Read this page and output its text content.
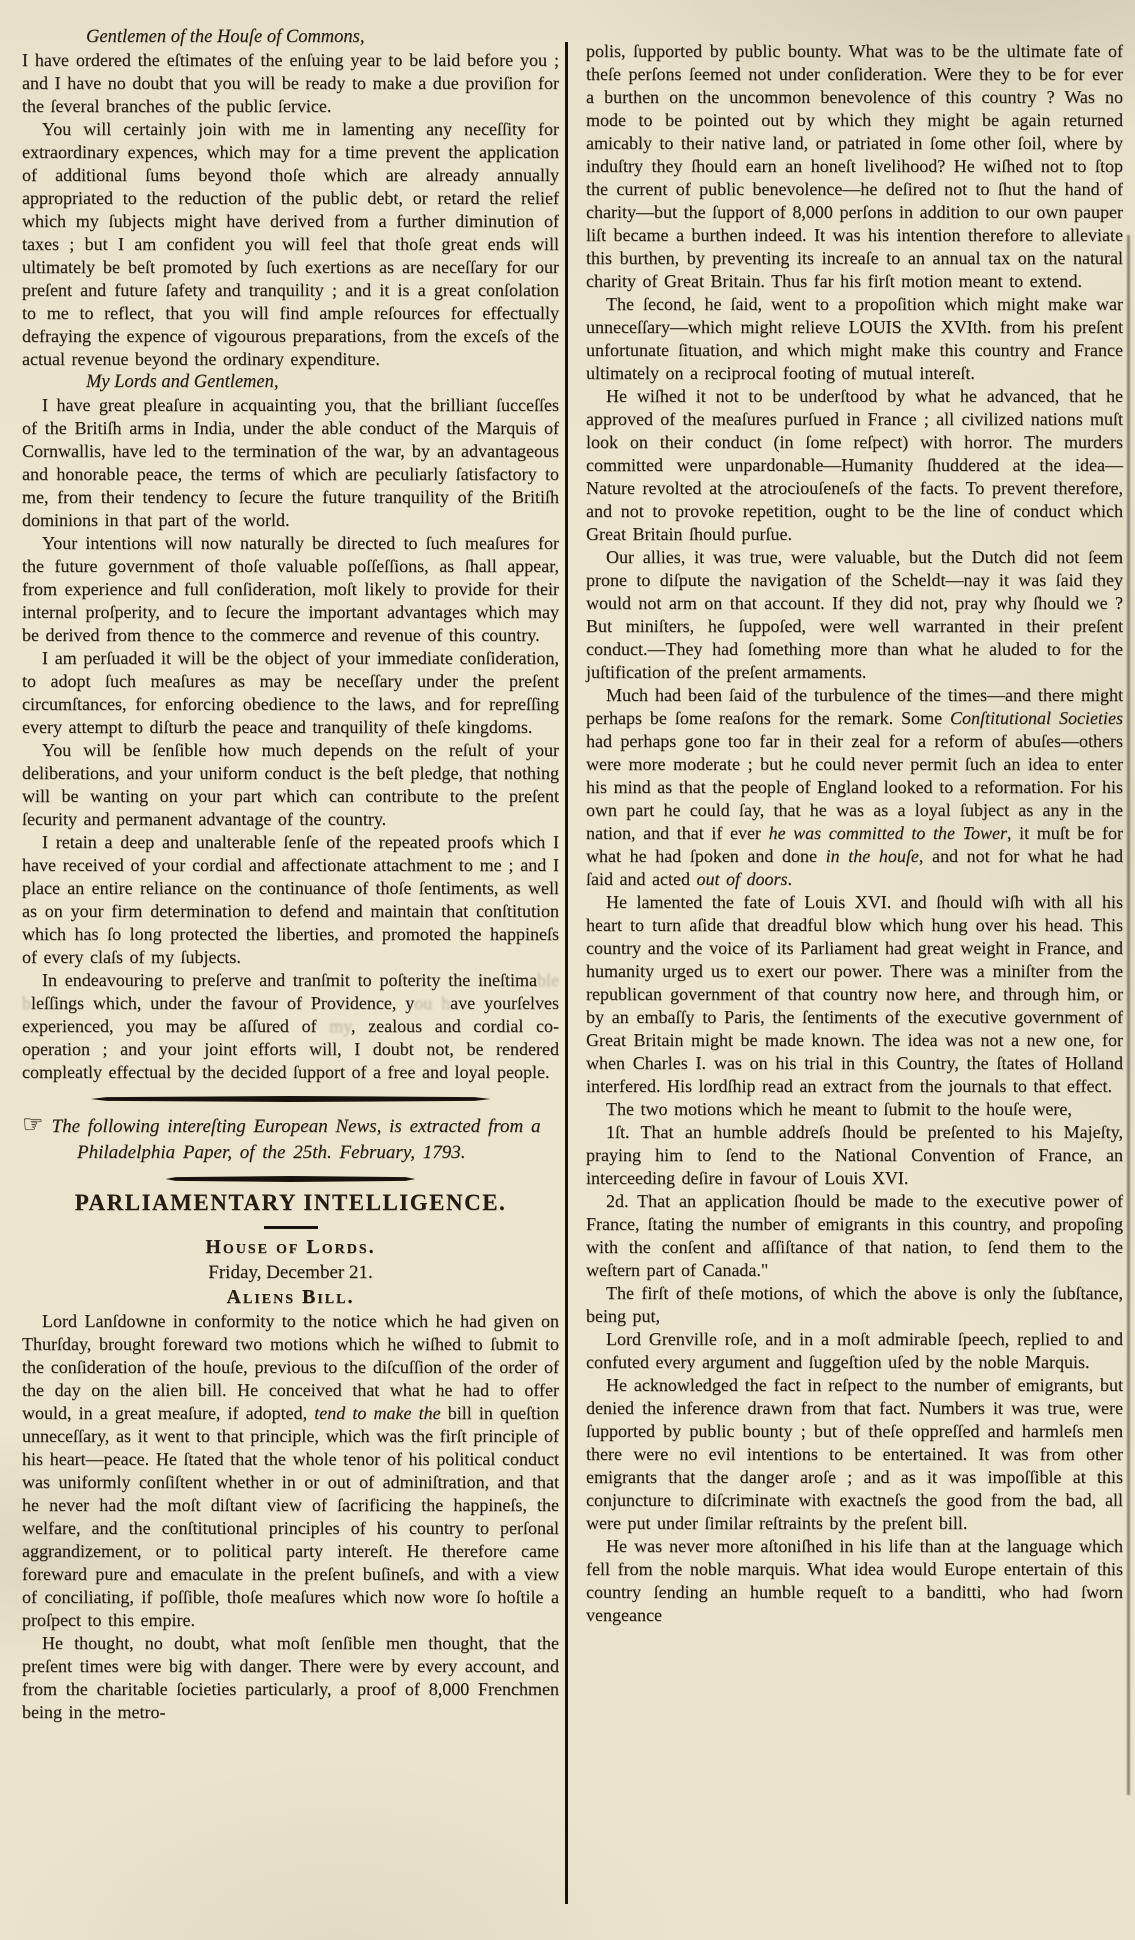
Gentlemen of the Houſe of Commons,

I have ordered the eſtimates of the enſuing year to be laid before you ; and I have no doubt that you will be ready to make a due proviſion for the ſeveral branches of the public ſervice.

You will certainly join with me in lamenting any neceſſity for extraordinary expences, which may for a time prevent the application of additional ſums beyond thoſe which are already annually appropriated to the reduction of the public debt, or retard the relief which my ſubjects might have derived from a further diminution of taxes ; but I am confident you will feel that thoſe great ends will ultimately be beſt promoted by ſuch exertions as are neceſſary for our preſent and future ſafety and tranquility ; and it is a great conſolation to me to reflect, that you will find ample reſources for effectually defraying the expence of vigourous preparations, from the exceſs of the actual revenue beyond the ordinary expenditure.

My Lords and Gentlemen,

I have great pleaſure in acquainting you, that the brilliant ſucceſſes of the Britiſh arms in India, under the able conduct of the Marquis of Cornwallis, have led to the termination of the war, by an advantageous and honorable peace, the terms of which are peculiarly ſatisfactory to me, from their tendency to ſecure the future tranquility of the Britiſh dominions in that part of the world.

Your intentions will now naturally be directed to ſuch meaſures for the future government of thoſe valuable poſſeſſions, as ſhall appear, from experience and full conſideration, moſt likely to provide for their internal proſperity, and to ſecure the important advantages which may be derived from thence to the commerce and revenue of this country.

I am perſuaded it will be the object of your immediate conſideration, to adopt ſuch meaſures as may be neceſſary under the preſent circumſtances, for enforcing obedience to the laws, and for repreſſing every attempt to diſturb the peace and tranquility of theſe kingdoms.

You will be ſenſible how much depends on the reſult of your deliberations, and your uniform conduct is the beſt pledge, that nothing will be wanting on your part which can contribute to the preſent ſecurity and permanent advantage of the country.

I retain a deep and unalterable ſenſe of the repeated proofs which I have received of your cordial and affectionate attachment to me ; and I place an entire reliance on the continuance of thoſe ſentiments, as well as on your firm determination to defend and maintain that conſtitution which has ſo long protected the liberties, and promoted the happineſs of every claſs of my ſubjects.

In endeavouring to preſerve and tranſmit to poſterity the ineſtimable bleſſings which, under the favour of Providence, you have yourſelves experienced, you may be aſſured of my, zealous and cordial co-operation ; and your joint efforts will, I doubt not, be rendered compleatly effectual by the decided ſupport of a free and loyal people.

☞ The following intereſting European News, is extracted from a Philadelphia Paper, of the 25th. February, 1793.

PARLIAMENTARY INTELLIGENCE.
House of Lords.

Friday, December 21.

Aliens Bill.

Lord Lanſdowne in conformity to the notice which he had given on Thurſday, brought foreward two motions which he wiſhed to ſubmit to the conſideration of the houſe, previous to the diſcuſſion of the order of the day on the alien bill. He conceived that what he had to offer would, in a great meaſure, if adopted, tend to make the bill in queſtion unneceſſary, as it went to that principle, which was the firſt principle of his heart—peace. He ſtated that the whole tenor of his political conduct was uniformly conſiſtent whether in or out of adminiſtration, and that he never had the moſt diſtant view of ſacrificing the happineſs, the welfare, and the conſtitutional principles of his country to perſonal aggrandizement, or to political party intereſt. He therefore came foreward pure and emaculate in the preſent buſineſs, and with a view of conciliating, if poſſible, thoſe meaſures which now wore ſo hoſtile a proſpect to this empire.

He thought, no doubt, what moſt ſenſible men thought, that the preſent times were big with danger. There were by every account, and from the charitable ſocieties particularly, a proof of 8,000 Frenchmen being in the metro-

polis, ſupported by public bounty. What was to be the ultimate fate of theſe perſons ſeemed not under conſideration. Were they to be for ever a burthen on the uncommon benevolence of this country ? Was no mode to be pointed out by which they might be again returned amicably to their native land, or patriated in ſome other ſoil, where by induſtry they ſhould earn an honeſt livelihood? He wiſhed not to ſtop the current of public benevolence—he deſired not to ſhut the hand of charity—but the ſupport of 8,000 perſons in addition to our own pauper liſt became a burthen indeed. It was his intention therefore to alleviate this burthen, by preventing its increaſe to an annual tax on the natural charity of Great Britain. Thus far his firſt motion meant to extend.

The ſecond, he ſaid, went to a propoſition which might make war unneceſſary—which might relieve LOUIS the XVIth. from his preſent unfortunate ſituation, and which might make this country and France ultimately on a reciprocal footing of mutual intereſt.

He wiſhed it not to be underſtood by what he advanced, that he approved of the meaſures purſued in France ; all civilized nations muſt look on their conduct (in ſome reſpect) with horror. The murders committed were unpardonable—Humanity ſhuddered at the idea—Nature revolted at the atrociouſeneſs of the facts. To prevent therefore, and not to provoke repetition, ought to be the line of conduct which Great Britain ſhould purſue.

Our allies, it was true, were valuable, but the Dutch did not ſeem prone to diſpute the navigation of the Scheldt—nay it was ſaid they would not arm on that account. If they did not, pray why ſhould we ? But miniſters, he ſuppoſed, were well warranted in their preſent conduct.—They had ſomething more than what he aluded to for the juſtification of the preſent armaments.

Much had been ſaid of the turbulence of the times—and there might perhaps be ſome reaſons for the remark. Some Conſtitutional Societies had perhaps gone too far in their zeal for a reform of abuſes—others were more moderate ; but he could never permit ſuch an idea to enter his mind as that the people of England looked to a reformation. For his own part he could ſay, that he was as a loyal ſubject as any in the nation, and that if ever he was committed to the Tower, it muſt be for what he had ſpoken and done in the houſe, and not for what he had ſaid and acted out of doors.

He lamented the fate of Louis XVI. and ſhould wiſh with all his heart to turn aſide that dreadful blow which hung over his head. This country and the voice of its Parliament had great weight in France, and humanity urged us to exert our power. There was a miniſter from the republican government of that country now here, and through him, or by an embaſſy to Paris, the ſentiments of the executive government of Great Britain might be made known. The idea was not a new one, for when Charles I. was on his trial in this Country, the ſtates of Holland interfered. His lordſhip read an extract from the journals to that effect.

The two motions which he meant to ſubmit to the houſe were,

1ſt. That an humble addreſs ſhould be preſented to his Majeſty, praying him to ſend to the National Convention of France, an interceeding deſire in favour of Louis XVI.

2d. That an application ſhould be made to the executive power of France, ſtating the number of emigrants in this country, and propoſing with the conſent and aſſiſtance of that nation, to ſend them to the weſtern part of Canada."

The firſt of theſe motions, of which the above is only the ſubſtance, being put,

Lord Grenville roſe, and in a moſt admirable ſpeech, replied to and confuted every argument and ſuggeſtion uſed by the noble Marquis.

He acknowledged the fact in reſpect to the number of emigrants, but denied the inference drawn from that fact. Numbers it was true, were ſupported by public bounty ; but of theſe oppreſſed and harmleſs men there were no evil intentions to be entertained. It was from other emigrants that the danger aroſe ; and as it was impoſſible at this conjuncture to diſcriminate with exactneſs the good from the bad, all were put under ſimilar reſtraints by the preſent bill.

He was never more aſtoniſhed in his life than at the language which fell from the noble marquis. What idea would Europe entertain of this country ſending an humble requeſt to a banditti, who had ſworn vengeance
